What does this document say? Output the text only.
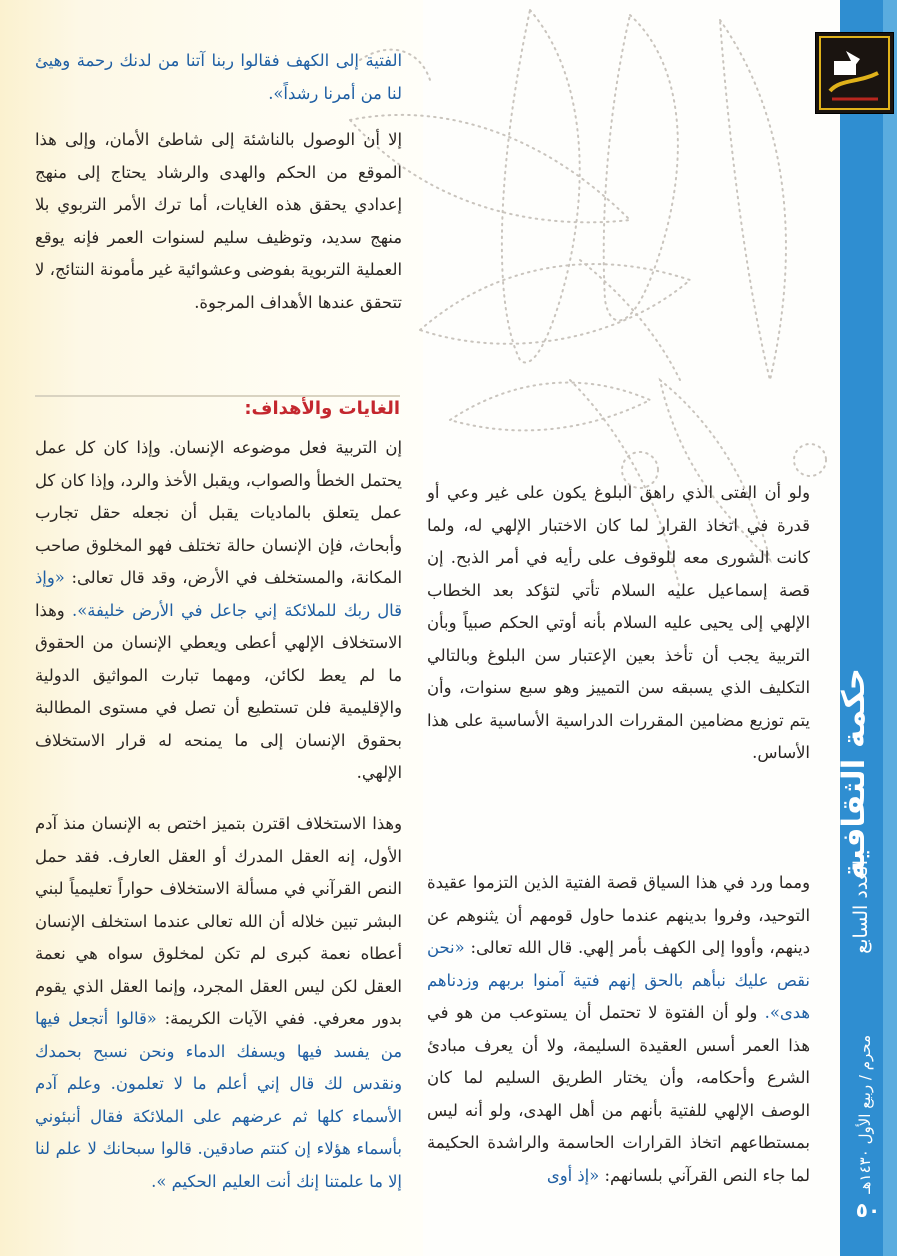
حكمة الثقافية
العدد السابع
محرم / ربيع الأول ١٤٣٠هـ
٥٠

الفتية إلى الكهف فقالوا ربنا آتنا من لدنك رحمة وهيئ لنا من أمرنا رشداً».

إلا أن الوصول بالناشئة إلى شاطئ الأمان، وإلى هذا الموقع من الحكم والهدى والرشاد يحتاج إلى منهج إعدادي يحقق هذه الغايات، أما ترك الأمر التربوي بلا منهج سديد، وتوظيف سليم لسنوات العمر فإنه يوقع العملية التربوية بفوضى وعشوائية غير مأمونة النتائج، لا تتحقق عندها الأهداف المرجوة.

الغايات والأهداف:

إن التربية فعل موضوعه الإنسان. وإذا كان كل عمل يحتمل الخطأ والصواب، ويقبل الأخذ والرد، وإذا كان كل عمل يتعلق بالماديات يقبل أن نجعله حقل تجارب وأبحاث، فإن الإنسان حالة تختلف فهو المخلوق صاحب المكانة، والمستخلف في الأرض، وقد قال تعالى: «وإذ قال ربك للملائكة إني جاعل في الأرض خليفة». وهذا الاستخلاف الإلهي أعطى ويعطي الإنسان من الحقوق ما لم يعط لكائن، ومهما تبارت المواثيق الدولية والإقليمية فلن تستطيع أن تصل في مستوى المطالبة بحقوق الإنسان إلى ما يمنحه له قرار الاستخلاف الإلهي.

وهذا الاستخلاف اقترن بتميز اختص به الإنسان منذ آدم الأول، إنه العقل المدرك أو العقل العارف. فقد حمل النص القرآني في مسألة الاستخلاف حواراً تعليمياً لبني البشر تبين خلاله أن الله تعالى عندما استخلف الإنسان أعطاه نعمة كبرى لم تكن لمخلوق سواه هي نعمة العقل لكن ليس العقل المجرد، وإنما العقل الذي يقوم بدور معرفي. ففي الآيات الكريمة: «قالوا أتجعل فيها من يفسد فيها ويسفك الدماء ونحن نسبح بحمدك ونقدس لك قال إني أعلم ما لا تعلمون. وعلم آدم الأسماء كلها ثم عرضهم على الملائكة فقال أنبئوني بأسماء هؤلاء إن كنتم صادقين. قالوا سبحانك لا علم لنا إلا ما علمتنا إنك أنت العليم الحكيم ».

ولو أن الفتى الذي راهق البلوغ يكون على غير وعي أو قدرة في اتخاذ القرار لما كان الاختبار الإلهي له، ولما كانت الشورى معه للوقوف على رأيه في أمر الذبح. إن قصة إسماعيل عليه السلام تأتي لتؤكد بعد الخطاب الإلهي إلى يحيى عليه السلام بأنه أوتي الحكم صبياً وبأن التربية يجب أن تأخذ بعين الإعتبار سن البلوغ وبالتالي التكليف الذي يسبقه سن التمييز وهو سبع سنوات، وأن يتم توزيع مضامين المقررات الدراسية الأساسية على هذا الأساس.

ومما ورد في هذا السياق قصة الفتية الذين التزموا عقيدة التوحيد، وفروا بدينهم عندما حاول قومهم أن يثنوهم عن دينهم، وأووا إلى الكهف بأمر إلهي. قال الله تعالى: «نحن نقص عليك نبأهم بالحق إنهم فتية آمنوا بربهم وزدناهم هدى». ولو أن الفتوة لا تحتمل أن يستوعب من هو في هذا العمر أسس العقيدة السليمة، ولا أن يعرف مبادئ الشرع وأحكامه، وأن يختار الطريق السليم لما كان الوصف الإلهي للفتية بأنهم من أهل الهدى، ولو أنه ليس بمستطاعهم اتخاذ القرارات الحاسمة والراشدة الحكيمة لما جاء النص القرآني بلسانهم: «إذ أوى
